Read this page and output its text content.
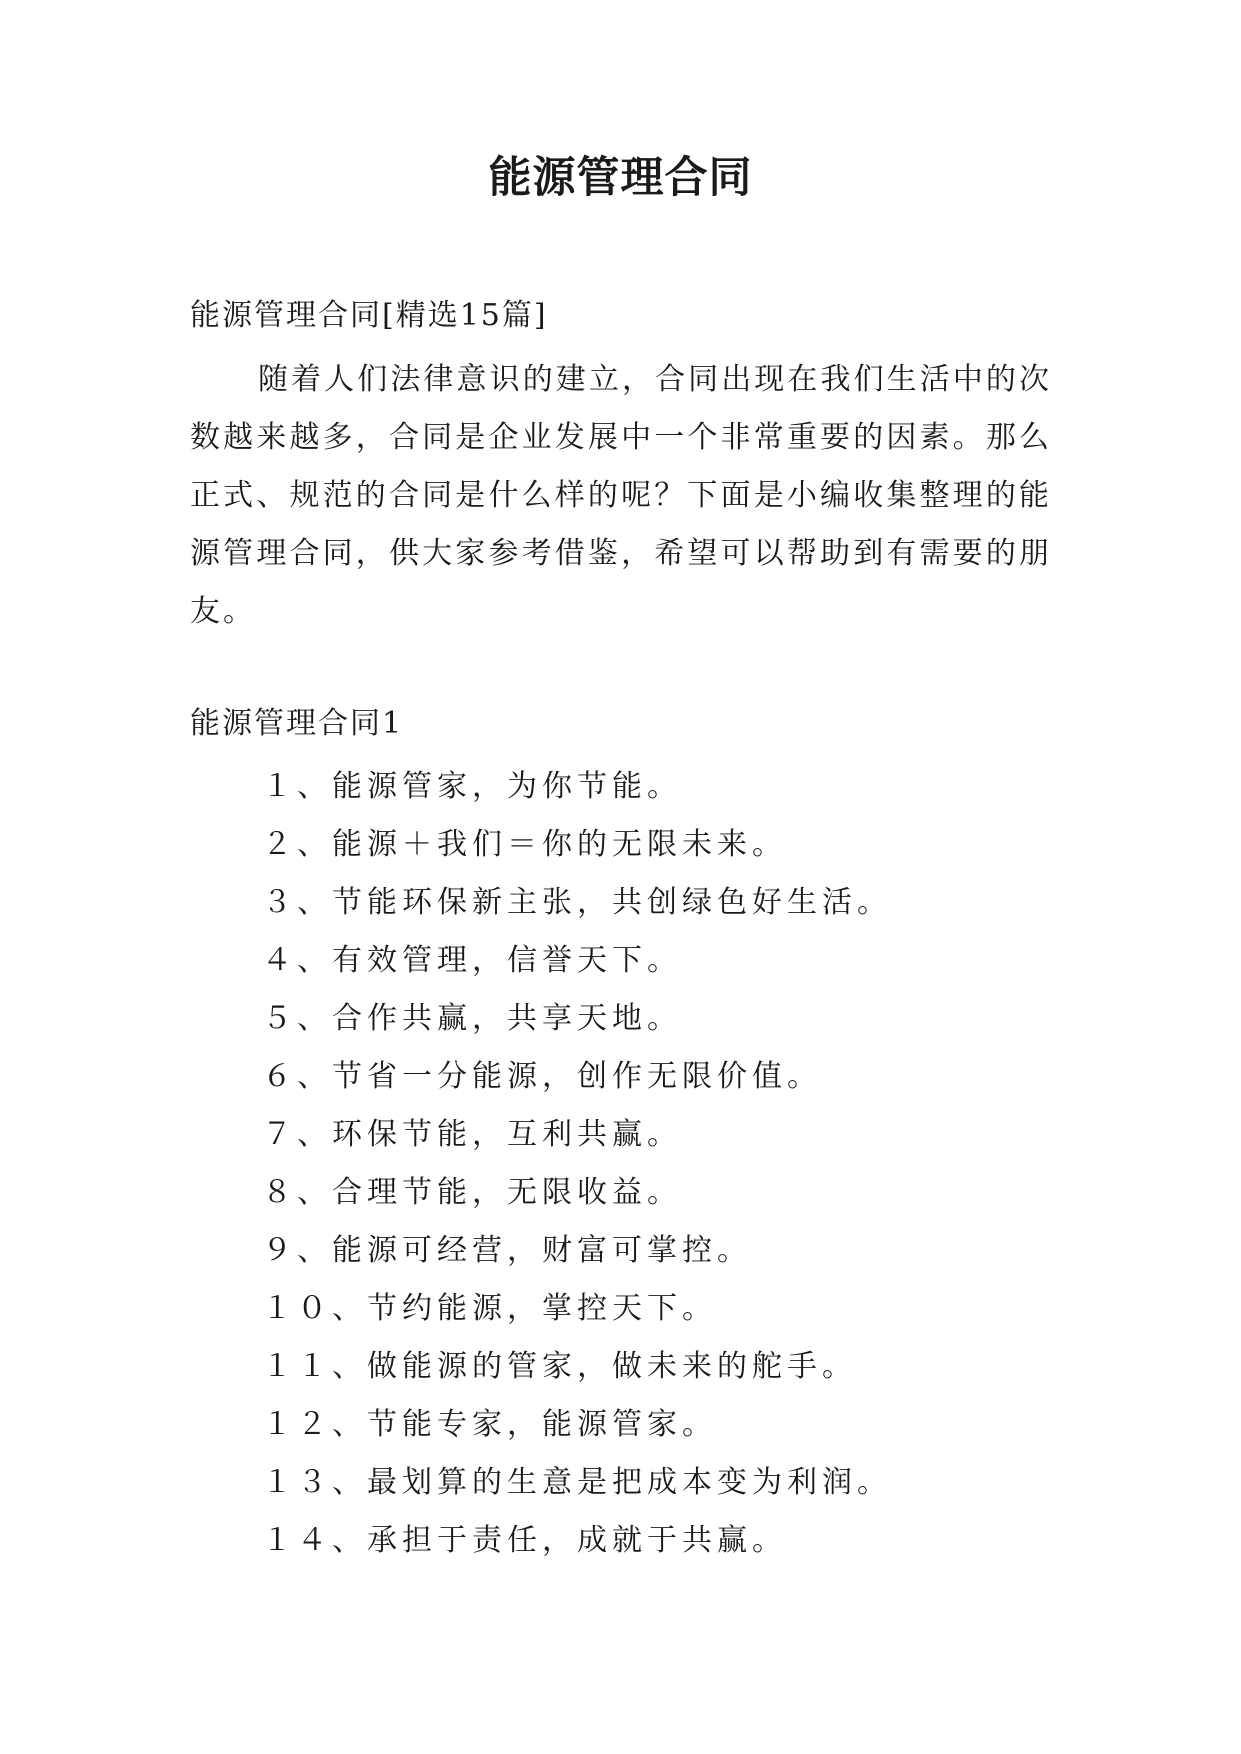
能源管理合同

能源管理合同[精选15篇]

随着人们法律意识的建立，合同出现在我们生活中的次数越来越多，合同是企业发展中一个非常重要的因素。那么正式、规范的合同是什么样的呢？下面是小编收集整理的能源管理合同，供大家参考借鉴，希望可以帮助到有需要的朋友。

能源管理合同1

１、能源管家，为你节能。
２、能源＋我们＝你的无限未来。
３、节能环保新主张，共创绿色好生活。
４、有效管理，信誉天下。
５、合作共赢，共享天地。
６、节省一分能源，创作无限价值。
７、环保节能，互利共赢。
８、合理节能，无限收益。
９、能源可经营，财富可掌控。
１０、节约能源，掌控天下。
１１、做能源的管家，做未来的舵手。
１２、节能专家，能源管家。
１３、最划算的生意是把成本变为利润。
１４、承担于责任，成就于共赢。
